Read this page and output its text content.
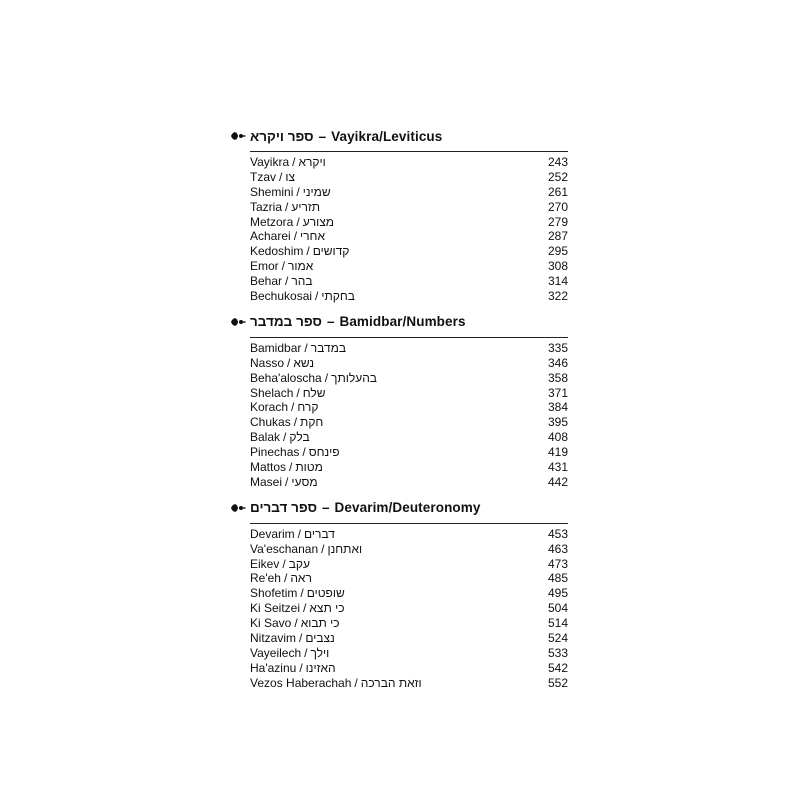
ספר ויקרא – Vayikra/Leviticus
Vayikra / ויקרא	243
Tzav / צו	252
Shemini / שמיני	261
Tazria / תזריע	270
Metzora / מצורע	279
Acharei / אחרי	287
Kedoshim / קדושים	295
Emor / אמור	308
Behar / בהר	314
Bechukosai / בחקתי	322
ספר במדבר – Bamidbar/Numbers
Bamidbar / במדבר	335
Nasso / נשא	346
Beha'aloscha / בהעלותך	358
Shelach / שלח	371
Korach / קרח	384
Chukas / חקת	395
Balak / בלק	408
Pinechas / פינחס	419
Mattos / מטות	431
Masei / מסעי	442
ספר דברים – Devarim/Deuteronomy
Devarim / דברים	453
Va'eschanan / ואתחנן	463
Eikev / עקב	473
Re'eh / ראה	485
Shofetim / שופטים	495
Ki Seitzei / כי תצא	504
Ki Savo / כי תבוא	514
Nitzavim / נצבים	524
Vayeilech / וילך	533
Ha'azinu / האזינו	542
Vezos Haberachah / וזאת הברכה	552
